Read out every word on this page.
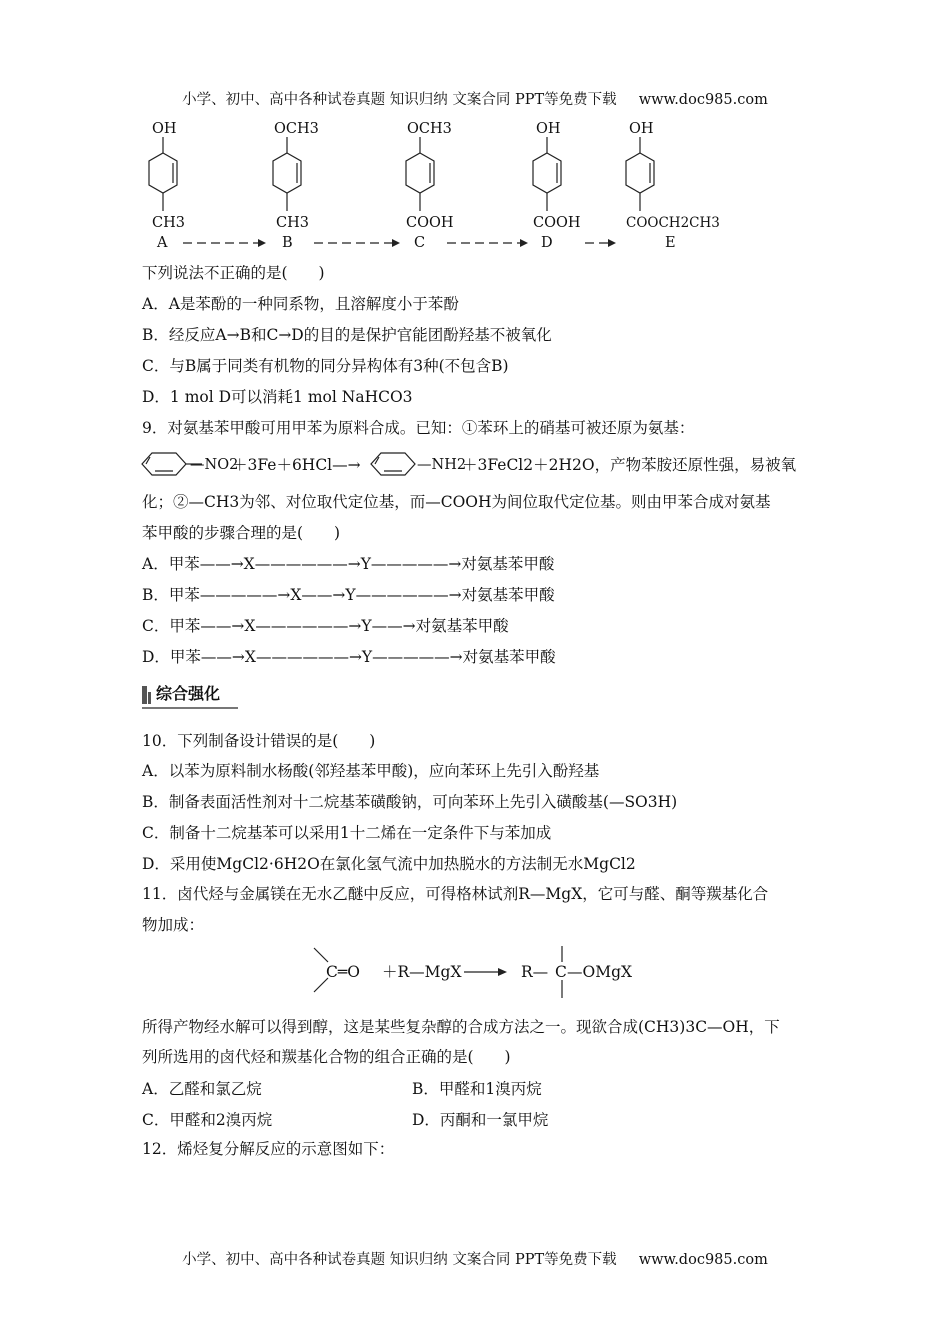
小学、初中、高中各种试卷真题 知识归纳 文案合同 PPT等免费下载 www.doc985.com
OH	OCH3	OCH3	OH	OH
CH3	CH3	COOH	COOH	COOCH2CH3
A	B	C	D	E
下列说法不正确的是(　　)
A．A是苯酚的一种同系物，且溶解度小于苯酚
B．经反应A→B和C→D的目的是保护官能团酚羟基不被氧化
C．与B属于同类有机物的同分异构体有3种(不包含B)
D．1 mol D可以消耗1 mol NaHCO3
9．对氨基苯甲酸可用甲苯为原料合成。已知：①苯环上的硝基可被还原为氨基：
—NO2
＋3Fe＋6HCl—→	—NH2
＋3FeCl2＋2H2O，产物苯胺还原性强，易被氧
化；②—CH3为邻、对位取代定位基，而—COOH为间位取代定位基。则由甲苯合成对氨基
苯甲酸的步骤合理的是(　　)
A．甲苯——→X——————→Y—————→对氨基苯甲酸
B．甲苯—————→X——→Y——————→对氨基苯甲酸
C．甲苯——→X——————→Y——→对氨基苯甲酸
D．甲苯——→X——————→Y—————→对氨基苯甲酸
综合强化
10．下列制备设计错误的是(　　)
A．以苯为原料制水杨酸(邻羟基苯甲酸)，应向苯环上先引入酚羟基
B．制备表面活性剂对十二烷基苯磺酸钠，可向苯环上先引入磺酸基(—SO3H)
C．制备十二烷基苯可以采用1十二烯在一定条件下与苯加成
D．采用使MgCl2·6H2O在氯化氢气流中加热脱水的方法制无水MgCl2
11．卤代烃与金属镁在无水乙醚中反应，可得格林试剂R—MgX，它可与醛、酮等羰基化合
物加成：
C═O ＋R—MgX	R— C —OMgX
所得产物经水解可以得到醇，这是某些复杂醇的合成方法之一。现欲合成(CH3)3C—OH，下
列所选用的卤代烃和羰基化合物的组合正确的是(　　)
A．乙醛和氯乙烷	B．甲醛和1溴丙烷
C．甲醛和2溴丙烷	D．丙酮和一氯甲烷
12．烯烃复分解反应的示意图如下：
小学、初中、高中各种试卷真题 知识归纳 文案合同 PPT等免费下载 www.doc985.com
